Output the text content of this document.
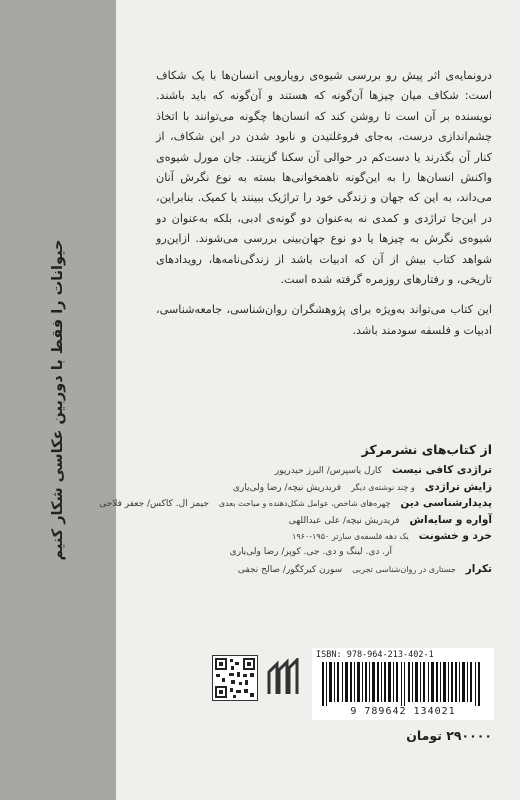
حیوانات را فقط با دوربین عکاسی شکار کنیم

درونمایه‌ی اثر پیش رو بررسی شیوه‌ی رویارویی انسان‌ها با یک شکاف است: شکاف میان چیزها آن‌گونه که هستند و آن‌گونه که باید باشند. نویسنده بر آن است تا روشن کند که انسان‌ها چگونه می‌توانند با اتخاذ چشم‌اندازی درست، به‌جای فروغلتیدن و نابود شدن در این شکاف، از کنار آن بگذرند یا دست‌کم در حوالی آن سکنا گزینند. جان مورل شیوه‌ی واکنش انسان‌ها را به این‌گونه ناهمخوانی‌ها بسته به نوع نگرش آنان می‌داند، به این که جهان و زندگی خود را تراژیک ببینند یا کمیک. بنابراین، در این‌جا تراژدی و کمدی نه به‌عنوان دو گونه‌ی ادبی، بلکه به‌عنوان دو شیوه‌ی نگرش به چیزها یا دو نوع جهان‌بینی بررسی می‌شوند. ازاین‌رو شواهد کتاب بیش از آن که ادبیات باشد از زندگی‌نامه‌ها، رویدادهای تاریخی، و رفتارهای روزمره گرفته شده است.

این کتاب می‌تواند به‌ویژه برای پژوهشگران روان‌شناسی، جامعه‌شناسی، ادبیات و فلسفه سودمند باشد.

از کتاب‌های نشرمرکز
تراژدی کافی نیست
کارل یاسپرس/ البرز حیدرپور
زایش تراژدی
و چند نوشته‌ی دیگر
فریدریش نیچه/ رضا ولی‌یاری
پدیدارشناسی دین
چهره‌های شاخص، عوامل شکل‌دهنده و مباحث بعدی
جیمز ال. کاکس/ جعفر فلاحی
آواره و سایه‌اش
فریدریش نیچه/ علی عبداللهی
خرد و خشونت
یک دهه فلسفه‌ی سارتر ۱۹۵۰-۱۹۶۰
آر. دی. لینگ و دی. جی. کوپر/ رضا ولی‌یاری
تکرار
جستاری در روان‌شناسی تجربی
سورن کیرکگور/ صالح نجفی
ISBN: 978-964-213-402-1
9 789642 134021
۲۹۰۰۰۰ تومان
